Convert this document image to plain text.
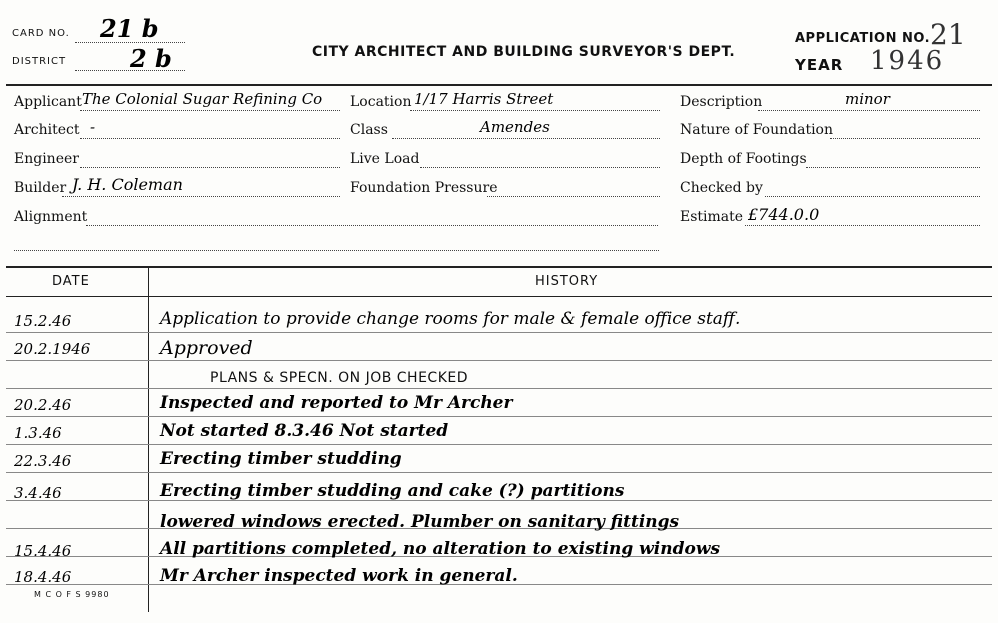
CARD NO. 21 b
DISTRICT	2 b	CITY ARCHITECT AND BUILDING SURVEYOR'S DEPT.
APPLICATION NO. 21
YEAR 1946
Applicant The Colonial Sugar Refining Co
Architect -
Engineer
Builder J. H. Coleman
Alignment
Location 1/17 Harris Street
Class	Amendes
Live Load
Foundation Pressure
Description	minor
Nature of Foundation
Depth of Footings
Checked by
Estimate £744.0.0
DATE	HISTORY
15.2.46	Application to provide change rooms for male & female office staff.
20.2.1946	Approved
PLANS & SPECN. ON JOB CHECKED
20.2.46	Inspected and reported to Mr Archer
1.3.46	Not started 8.3.46 Not started
22.3.46	Erecting timber studding
3.4.46	Erecting timber studding and cake (?) partitions
lowered windows erected. Plumber on sanitary fittings
15.4.46	All partitions completed, no alteration to existing windows
18.4.46	Mr Archer inspected work in general.
M C O F S 9980
